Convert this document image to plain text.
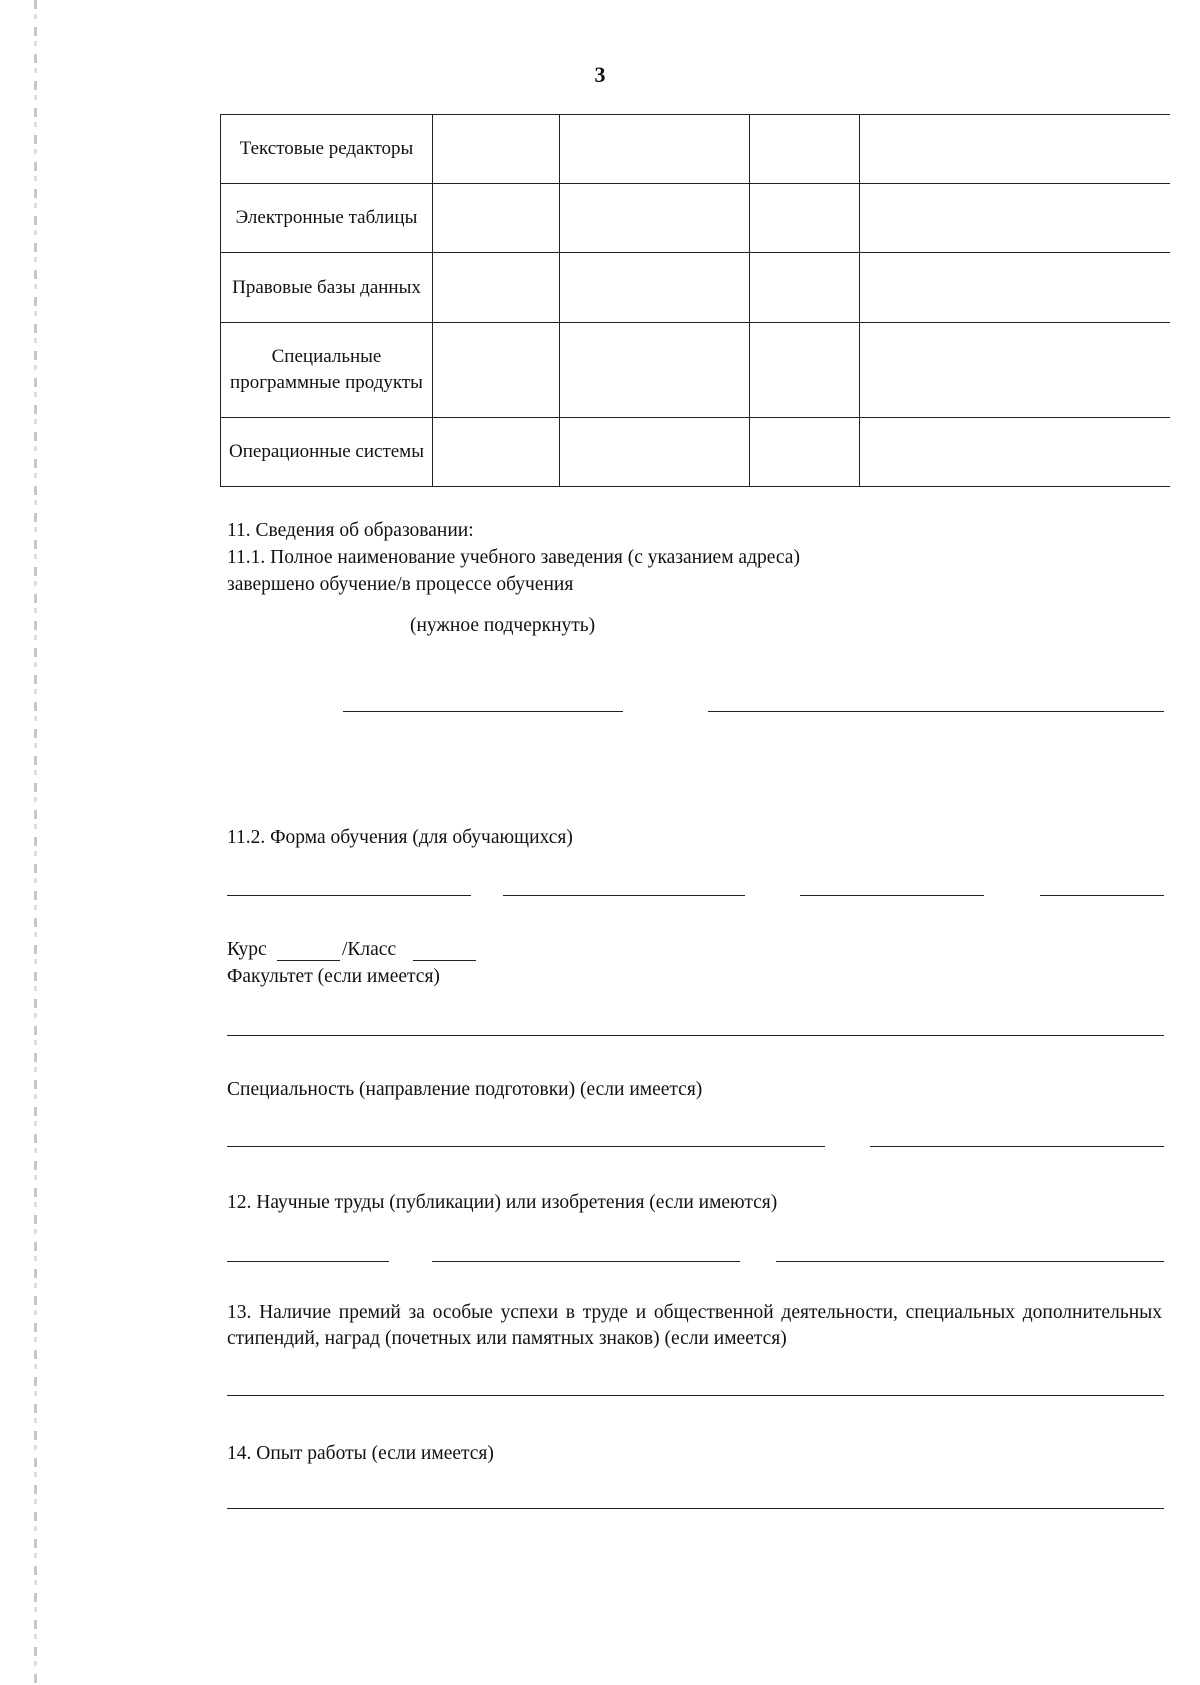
3
Текстовые редакторы				
Электронные таблицы				
Правовые базы данных				
Специальные программные продукты				
Операционные системы				
11. Сведения об образовании:
11.1. Полное наименование учебного заведения (с указанием адреса)
завершено обучение/в процессе обучения
(нужное подчеркнуть)
11.2. Форма обучения (для обучающихся)
Курс	/Класс
Факультет (если имеется)
Специальность (направление подготовки) (если имеется)
12. Научные труды (публикации) или изобретения (если имеются)
13. Наличие премий за особые успехи в труде и общественной деятельности, специальных дополнительных стипендий, наград (почетных или памятных знаков) (если имеется)
14. Опыт работы (если имеется)
